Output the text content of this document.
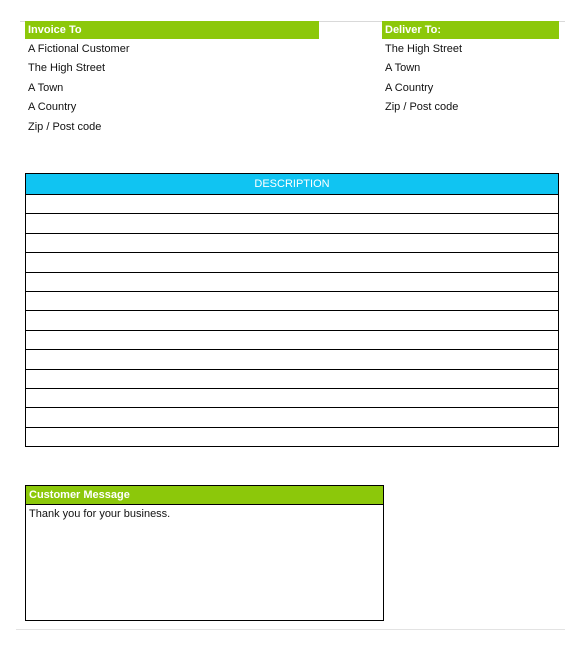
Invoice To
A Fictional Customer
The High Street
A Town
A Country
Zip / Post code
Deliver To:
The High Street
A Town
A Country
Zip / Post code
DESCRIPTION
Customer Message
Thank you for your business.
